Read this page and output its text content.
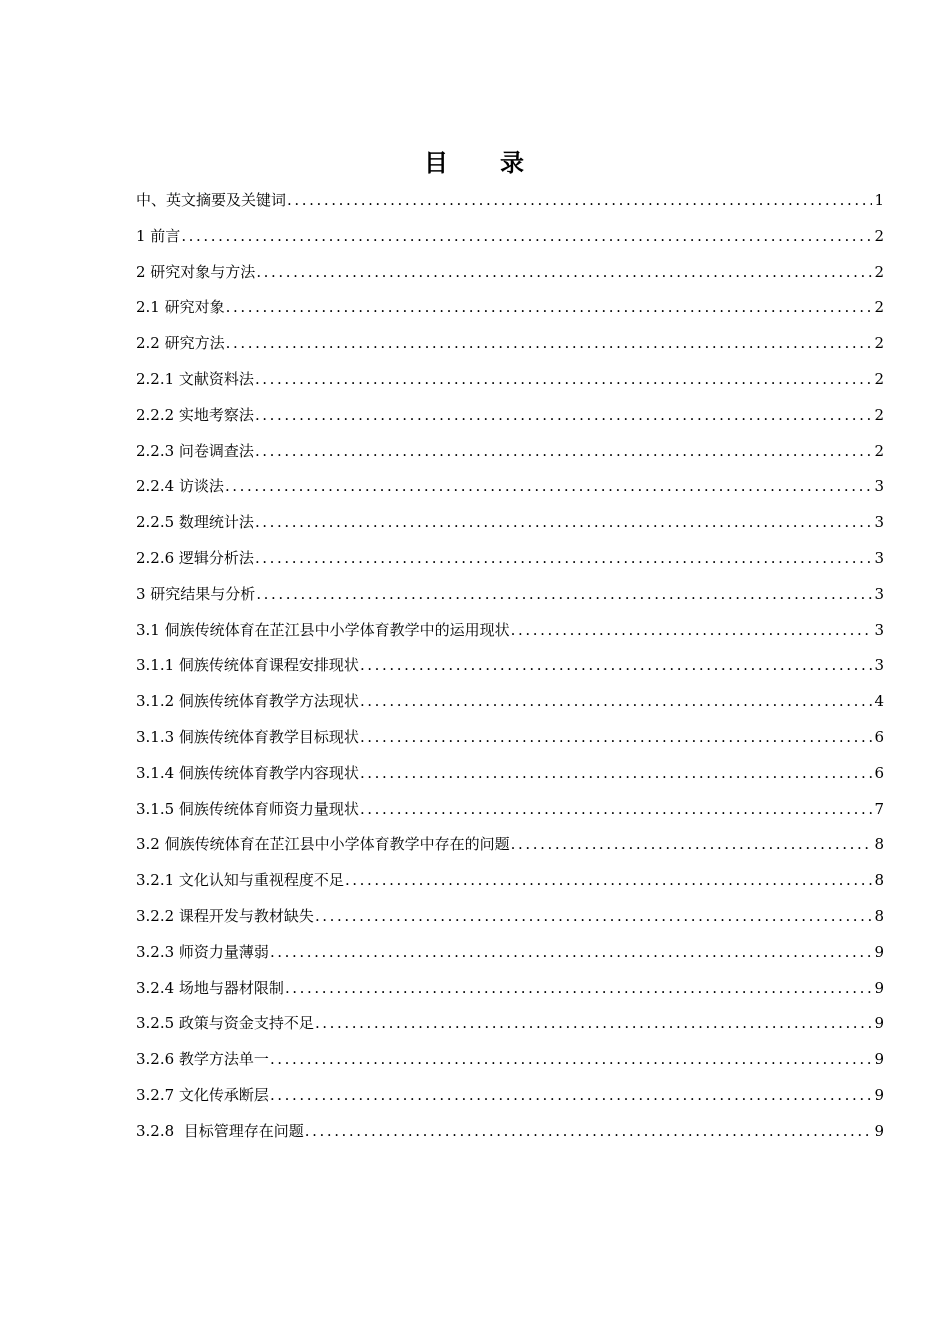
目 录
中、英文摘要及关键词 .....	1
1 前言 .....	2
2 研究对象与方法 .....	2
2.1 研究对象 .....	2
2.2 研究方法 .....	2
2.2.1 文献资料法 .....	2
2.2.2 实地考察法 .....	2
2.2.3 问卷调查法 .....	2
2.2.4 访谈法 .....	3
2.2.5 数理统计法 .....	3
2.2.6 逻辑分析法 .....	3
3 研究结果与分析 .....	3
3.1 侗族传统体育在芷江县中小学体育教学中的运用现状 .....	3
3.1.1 侗族传统体育课程安排现状 .....	3
3.1.2 侗族传统体育教学方法现状 .....	4
3.1.3 侗族传统体育教学目标现状 .....	6
3.1.4 侗族传统体育教学内容现状 .....	6
3.1.5 侗族传统体育师资力量现状 .....	7
3.2 侗族传统体育在芷江县中小学体育教学中存在的问题 .....	8
3.2.1 文化认知与重视程度不足 .....	8
3.2.2 课程开发与教材缺失 .....	8
3.2.3 师资力量薄弱 .....	9
3.2.4 场地与器材限制 .....	9
3.2.5 政策与资金支持不足 .....	9
3.2.6 教学方法单一 .....	9
3.2.7 文化传承断层 .....	9
3.2.8  目标管理存在问题 .....	9
